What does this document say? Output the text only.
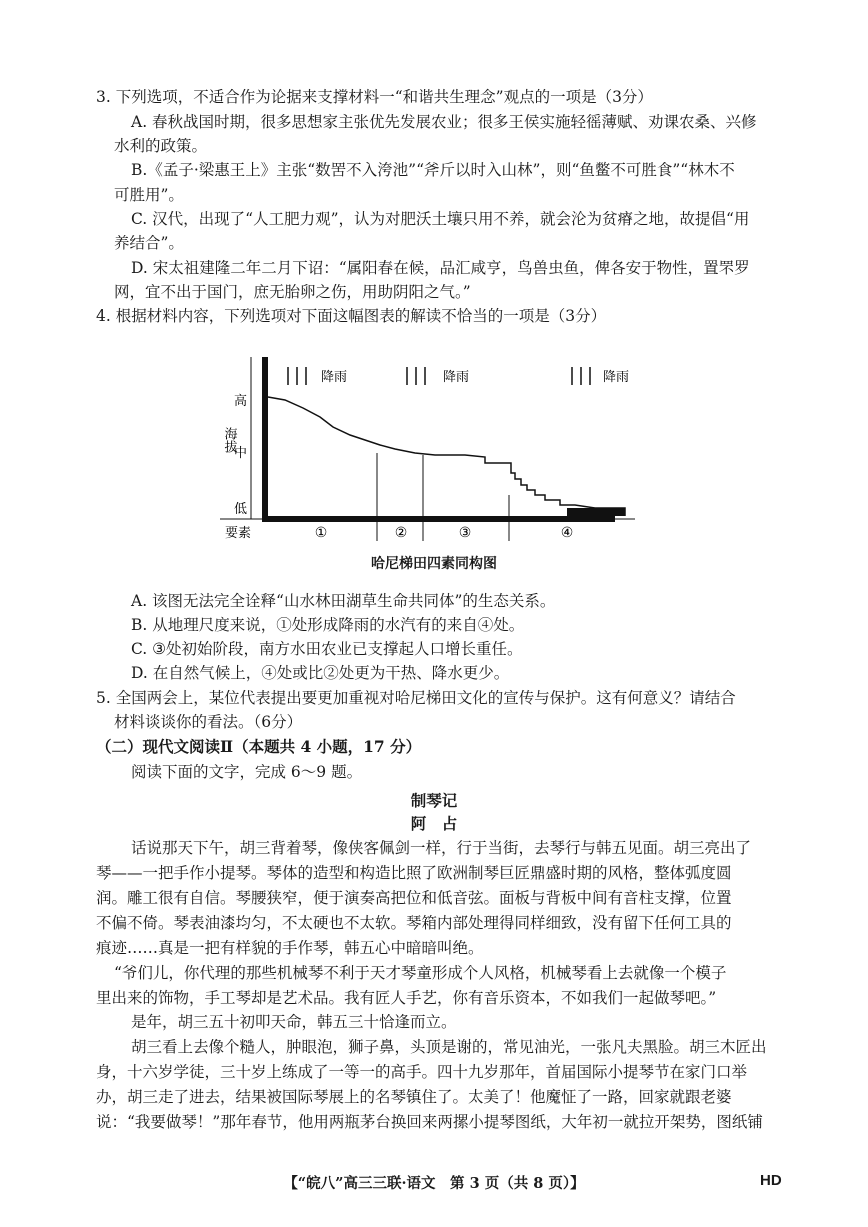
3. 下列选项，不适合作为论据来支撑材料一“和谐共生理念”观点的一项是（3分）
A. 春秋战国时期，很多思想家主张优先发展农业；很多王侯实施轻徭薄赋、劝课农桑、兴修
水利的政策。
B.《孟子·梁惠王上》主张“数罟不入洿池”“斧斤以时入山林”，则“鱼鳖不可胜食”“林木不
可胜用”。
C. 汉代，出现了“人工肥力观”，认为对肥沃土壤只用不养，就会沦为贫瘠之地，故提倡“用
养结合”。
D. 宋太祖建隆二年二月下诏：“属阳春在候，品汇咸亨，鸟兽虫鱼，俾各安于物性，置罘罗
网，宜不出于国门，庶无胎卵之伤，用助阴阳之气。”
4. 根据材料内容，下列选项对下面这幅图表的解读不恰当的一项是（3分）
海拔
高
中
低
要素	①	②	③	④
降雨	降雨	降雨
哈尼梯田四素同构图
A. 该图无法完全诠释“山水林田湖草生命共同体”的生态关系。
B. 从地理尺度来说，①处形成降雨的水汽有的来自④处。
C. ③处初始阶段，南方水田农业已支撑起人口增长重任。
D. 在自然气候上，④处或比②处更为干热、降水更少。
5. 全国两会上，某位代表提出要更加重视对哈尼梯田文化的宣传与保护。这有何意义？请结合
材料谈谈你的看法。（6分）
（二）现代文阅读Ⅱ（本题共 4 小题，17 分）
阅读下面的文字，完成 6～9 题。
制琴记
阿　占
话说那天下午，胡三背着琴，像侠客佩剑一样，行于当街，去琴行与韩五见面。胡三亮出了
琴——一把手作小提琴。琴体的造型和构造比照了欧洲制琴巨匠鼎盛时期的风格，整体弧度圆
润。雕工很有自信。琴腰狭窄，便于演奏高把位和低音弦。面板与背板中间有音柱支撑，位置
不偏不倚。琴表油漆均匀，不太硬也不太软。琴箱内部处理得同样细致，没有留下任何工具的
痕迹……真是一把有样貌的手作琴，韩五心中暗暗叫绝。
“爷们儿，你代理的那些机械琴不利于天才琴童形成个人风格，机械琴看上去就像一个模子
里出来的饰物，手工琴却是艺术品。我有匠人手艺，你有音乐资本，不如我们一起做琴吧。”
是年，胡三五十初叩天命，韩五三十恰逢而立。
胡三看上去像个糙人，肿眼泡，狮子鼻，头顶是谢的，常见油光，一张凡夫黑脸。胡三木匠出
身，十六岁学徒，三十岁上练成了一等一的高手。四十九岁那年，首届国际小提琴节在家门口举
办，胡三走了进去，结果被国际琴展上的名琴镇住了。太美了！他魔怔了一路，回家就跟老婆
说：“我要做琴！”那年春节，他用两瓶茅台换回来两摞小提琴图纸，大年初一就拉开架势，图纸铺
【“皖八”高三三联·语文　第 3 页（共 8 页）】	HD
